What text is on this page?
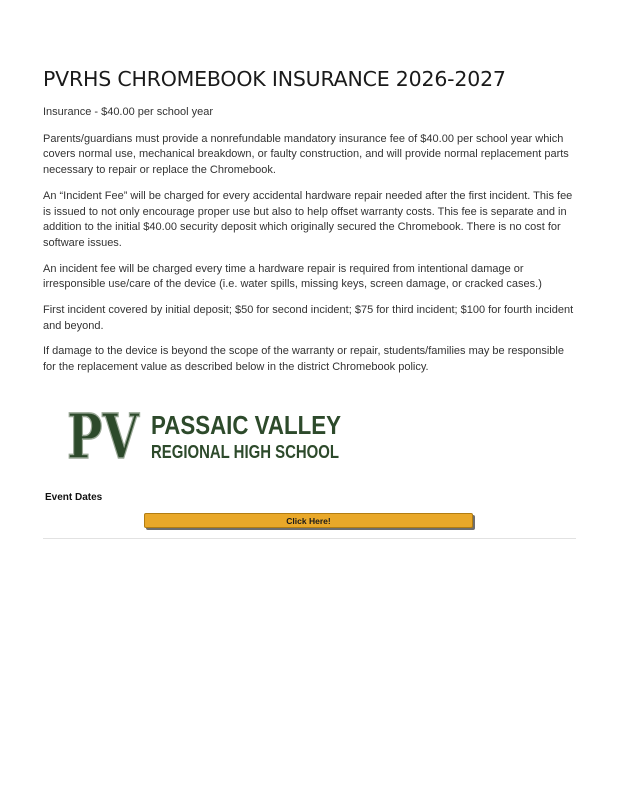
PVRHS CHROMEBOOK INSURANCE 2026-2027

Insurance - $40.00 per school year

Parents/guardians must provide a nonrefundable mandatory insurance fee of $40.00 per school year which covers normal use, mechanical breakdown, or faulty construction, and will provide normal replacement parts necessary to repair or replace the Chromebook.

An “Incident Fee” will be charged for every accidental hardware repair needed after the first incident. This fee is issued to not only encourage proper use but also to help offset warranty costs. This fee is separate and in addition to the initial $40.00 security deposit which originally secured the Chromebook. There is no cost for software issues.

An incident fee will be charged every time a hardware repair is required from intentional damage or irresponsible use/care of the device (i.e. water spills, missing keys, screen damage, or cracked cases.)

First incident covered by initial deposit; $50 for second incident; $75 for third incident; $100 for fourth incident and beyond.

If damage to the device is beyond the scope of the warranty or repair, students/families may be responsible for the replacement value as described below in the district Chromebook policy.

PV PASSAIC VALLEY
REGIONAL HIGH SCHOOL
Event Dates
Click Here!
